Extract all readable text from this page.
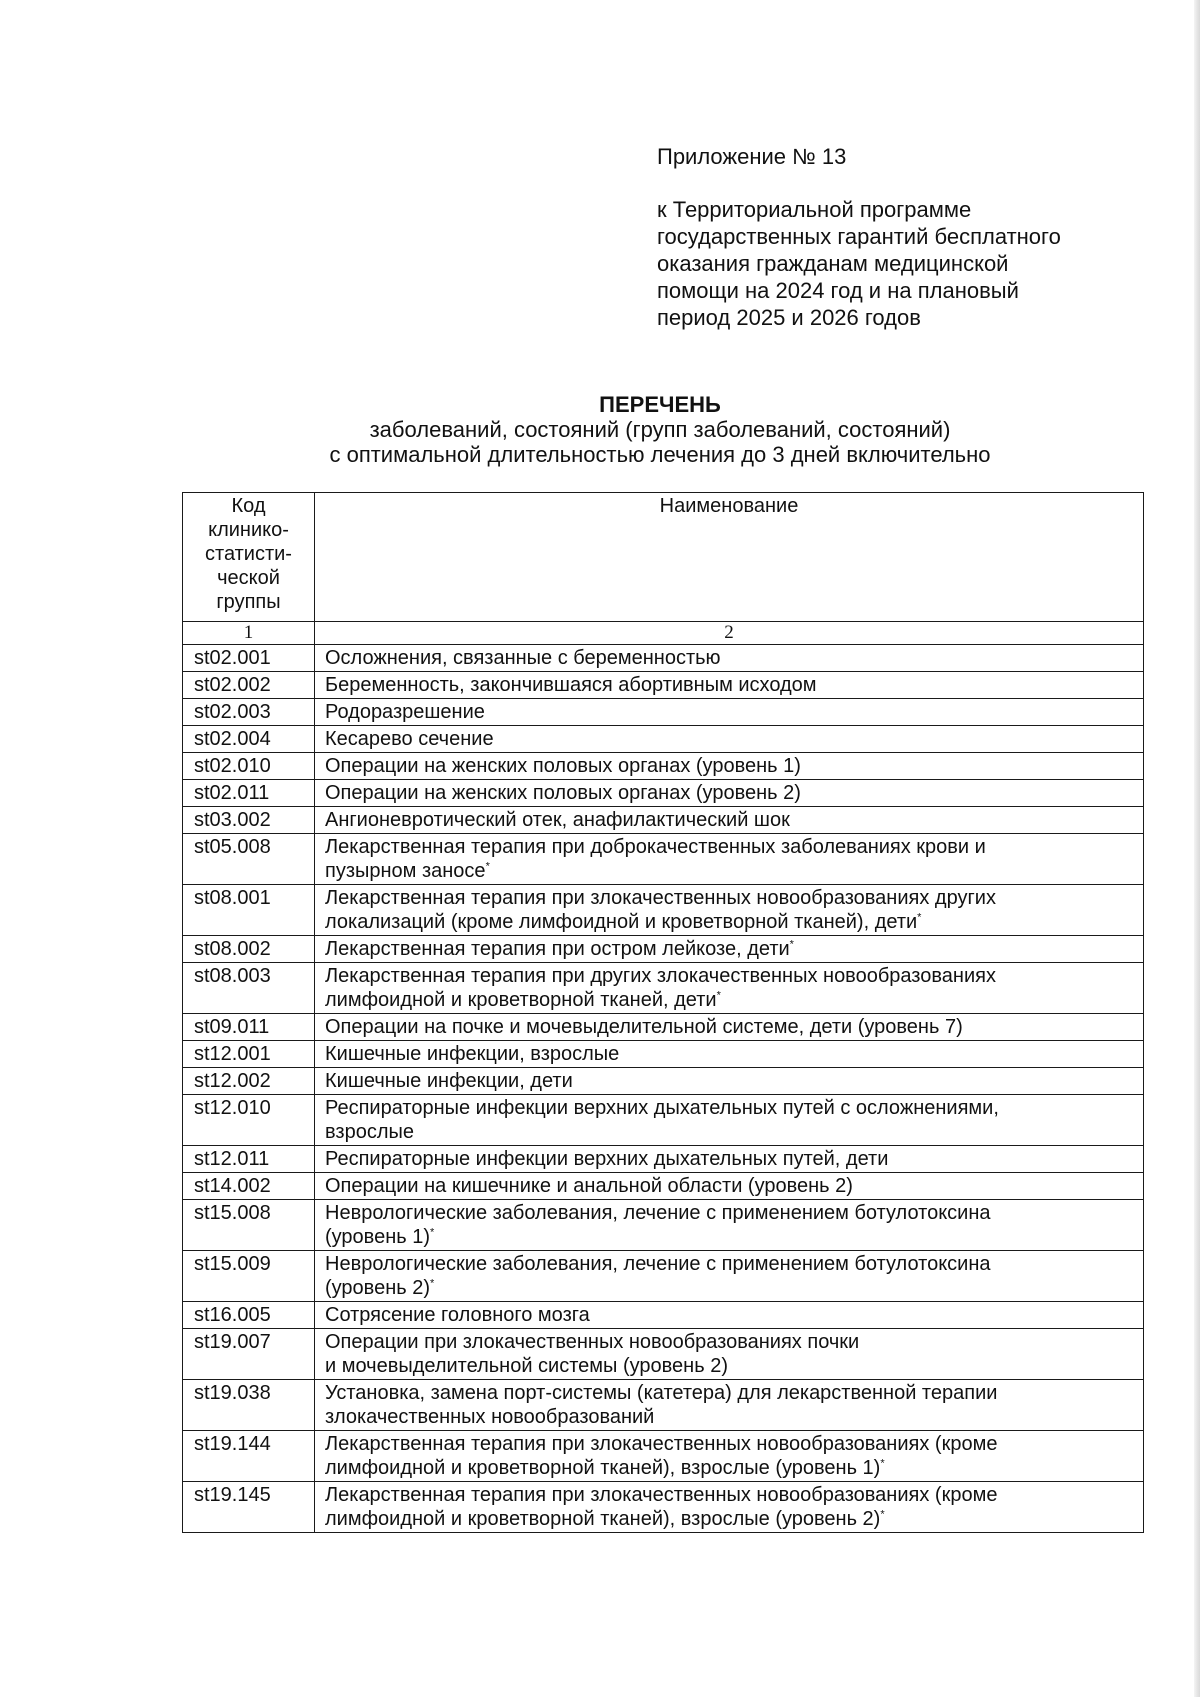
Приложение № 13
к Территориальной программе
государственных гарантий бесплатного
оказания гражданам медицинской
помощи на 2024 год и на плановый
период 2025 и 2026 годов
ПЕРЕЧЕНЬ
заболеваний, состояний (групп заболеваний, состояний)
с оптимальной длительностью лечения до 3 дней включительно
Код
клинико-
статисти-
ческой
группы	Наименование
1	2
st02.001	Осложнения, связанные с беременностью

st02.002	Беременность, закончившаяся абортивным исходом

st02.003	Родоразрешение

st02.004	Кесарево сечение

st02.010	Операции на женских половых органах (уровень 1)

st02.011	Операции на женских половых органах (уровень 2)

st03.002	Ангионевротический отек, анафилактический шок

st05.008	Лекарственная терапия при доброкачественных заболеваниях крови и
пузырном заносе*

st08.001	Лекарственная терапия при злокачественных новообразованиях других
локализаций (кроме лимфоидной и кроветворной тканей), дети*

st08.002	Лекарственная терапия при остром лейкозе, дети*

st08.003	Лекарственная терапия при других злокачественных новообразованиях
лимфоидной и кроветворной тканей, дети*

st09.011	Операции на почке и мочевыделительной системе, дети (уровень 7)

st12.001	Кишечные инфекции, взрослые

st12.002	Кишечные инфекции, дети

st12.010	Респираторные инфекции верхних дыхательных путей с осложнениями,
взрослые

st12.011	Респираторные инфекции верхних дыхательных путей, дети

st14.002	Операции на кишечнике и анальной области (уровень 2)

st15.008	Неврологические заболевания, лечение с применением ботулотоксина
(уровень 1)*

st15.009	Неврологические заболевания, лечение с применением ботулотоксина
(уровень 2)*

st16.005	Сотрясение головного мозга

st19.007	Операции при злокачественных новообразованиях почки
и мочевыделительной системы (уровень 2)

st19.038	Установка, замена порт-системы (катетера) для лекарственной терапии
злокачественных новообразований

st19.144	Лекарственная терапия при злокачественных новообразованиях (кроме
лимфоидной и кроветворной тканей), взрослые (уровень 1)*

st19.145	Лекарственная терапия при злокачественных новообразованиях (кроме
лимфоидной и кроветворной тканей), взрослые (уровень 2)*
